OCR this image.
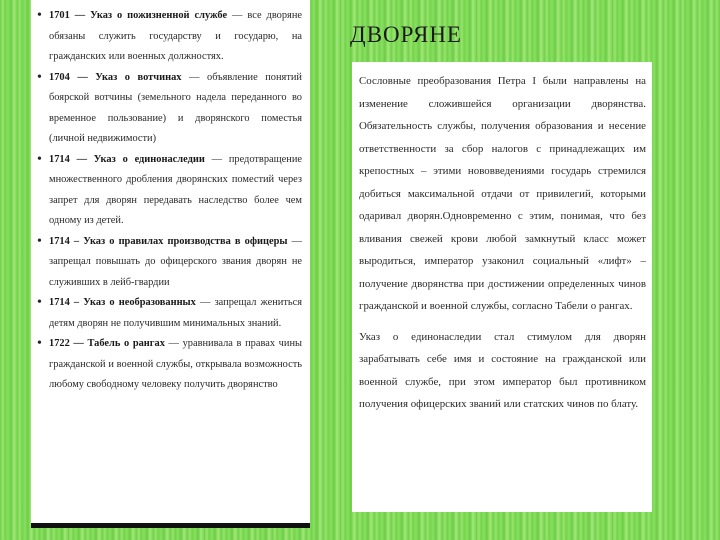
• 1701 — Указ о пожизненной службе — все дворяне обязаны служить государству и государю, на гражданских или военных должностях.
• 1704 — Указ о вотчинах — объявление понятий боярской вотчины (земельного надела переданного во временное пользование) и дворянского поместья (личной недвижимости)
• 1714 — Указ о единонаследии — предотвращение множественного дробления дворянских поместий через запрет для дворян передавать наследство более чем одному из детей.
• 1714 – Указ о правилах производства в офицеры — запрещал повышать до офицерского звания дворян не служивших в лейб-гвардии
• 1714 – Указ о необразованных — запрещал жениться детям дворян не получившим минимальных знаний.
• 1722 — Табель о рангах — уравнивала в правах чины гражданской и военной службы, открывала возможность любому свободному человеку получить дворянство
ДВОРЯНЕ

Сословные преобразования Петра I были направлены на изменение сложившейся организации дворянства. Обязательность службы, получения образования и несение ответственности за сбор налогов с принадлежащих им крепостных – этими нововведениями государь стремился добиться максимальной отдачи от привилегий, которыми одаривал дворян.Одновременно с этим, понимая, что без вливания свежей крови любой замкнутый класс может выродиться, император узаконил социальный «лифт» – получение дворянства при достижении определенных чинов гражданской и военной службы, согласно Табели о рангах.

Указ о единонаследии стал стимулом для дворян зарабатывать себе имя и состояние на гражданской или военной службе, при этом император был противником получения офицерских званий или статских чинов по блату.
